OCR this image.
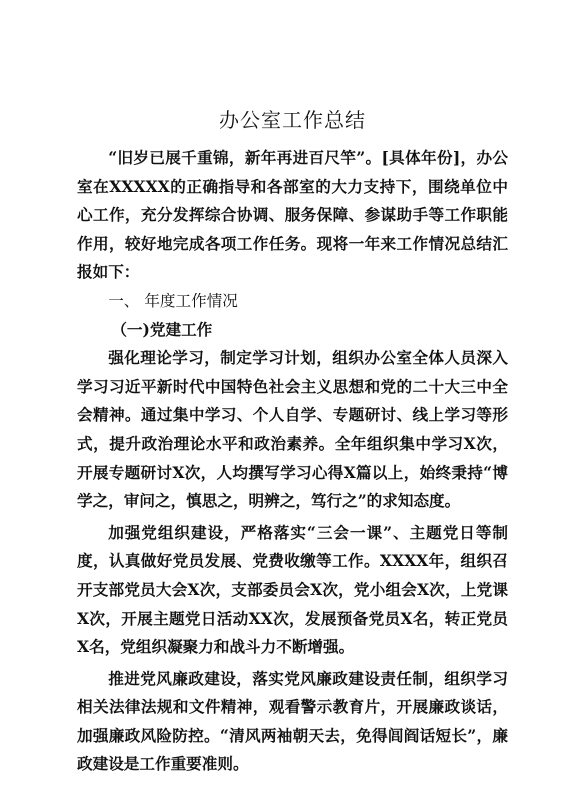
办公室工作总结

“旧岁已展千重锦，新年再进百尺竿”。[具体年份]，办公室在XXXXX的正确指导和各部室的大力支持下，围绕单位中心工作，充分发挥综合协调、服务保障、参谋助手等工作职能作用，较好地完成各项工作任务。现将一年来工作情况总结汇报如下：

一、 年度工作情况

（一)党建工作

强化理论学习，制定学习计划，组织办公室全体人员深入学习习近平新时代中国特色社会主义思想和党的二十大三中全会精神。通过集中学习、个人自学、专题研讨、线上学习等形式，提升政治理论水平和政治素养。全年组织集中学习X次，开展专题研讨X次，人均撰写学习心得X篇以上，始终秉持“博学之，审问之，慎思之，明辨之，笃行之”的求知态度。

加强党组织建设，严格落实“三会一课”、主题党日等制度，认真做好党员发展、党费收缴等工作。XXXX年，组织召开支部党员大会X次，支部委员会X次，党小组会X次，上党课X次，开展主题党日活动XX次，发展预备党员X名，转正党员X名，党组织凝聚力和战斗力不断增强。

推进党风廉政建设，落实党风廉政建设责任制，组织学习相关法律法规和文件精神，观看警示教育片，开展廉政谈话，加强廉政风险防控。“清风两袖朝天去，免得闾阎话短长”，廉政建设是工作重要准则。
